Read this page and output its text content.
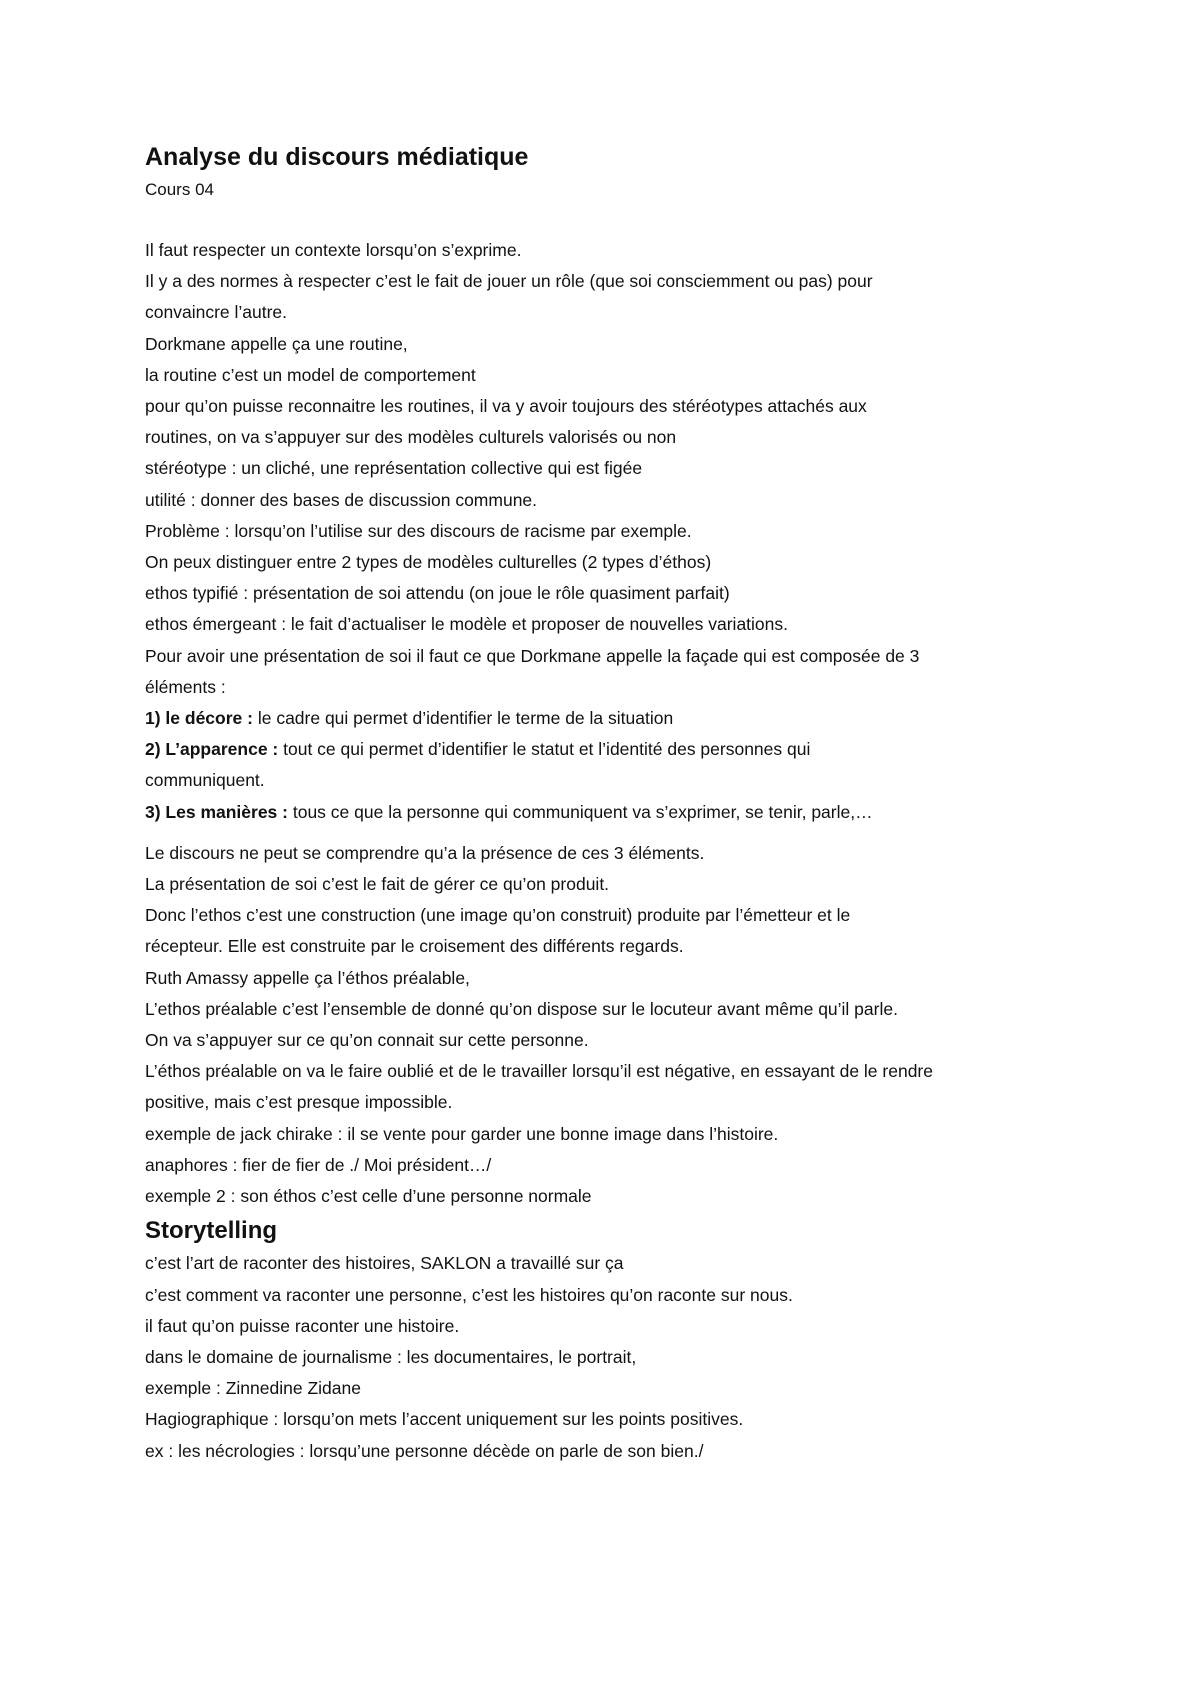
Analyse du discours médiatique

Cours 04

Il faut respecter un contexte lorsqu’on s’exprime.

Il y a des normes à respecter c’est le fait de jouer un rôle (que soi consciemment ou pas) pour

convaincre l’autre.

Dorkmane appelle ça une routine,

la routine c’est un model de comportement

pour qu’on puisse reconnaitre les routines, il va y avoir toujours des stéréotypes attachés aux

routines, on va s’appuyer sur des modèles culturels valorisés ou non

stéréotype : un cliché, une représentation collective qui est figée

utilité : donner des bases de discussion commune.

Problème : lorsqu’on l’utilise sur des discours de racisme par exemple.

On peux distinguer entre 2 types de modèles culturelles (2 types d’éthos)

ethos typifié : présentation de soi attendu (on joue le rôle quasiment parfait)

ethos émergeant : le fait d’actualiser le modèle et proposer de nouvelles variations.

Pour avoir une présentation de soi il faut ce que Dorkmane appelle la façade qui est composée de 3

éléments :

1) le décore : le cadre qui permet d’identifier le terme de la situation

2) L’apparence : tout ce qui permet d’identifier le statut et l’identité des personnes qui

communiquent.

3) Les manières : tous ce que la personne qui communiquent va s’exprimer, se tenir, parle,…

Le discours ne peut se comprendre qu’a la présence de ces 3 éléments.

La présentation de soi c’est le fait de gérer ce qu’on produit.

Donc l’ethos c’est une construction (une image qu’on construit) produite par l’émetteur et le

récepteur. Elle est construite par le croisement des différents regards.

Ruth Amassy appelle ça l’éthos préalable,

L’ethos préalable c’est l’ensemble de donné qu’on dispose sur le locuteur avant même qu’il parle.

On va s’appuyer sur ce qu’on connait sur cette personne.

L’éthos préalable on va le faire oublié et de le travailler lorsqu’il est négative, en essayant de le rendre

positive, mais c’est presque impossible.

exemple de jack chirake : il se vente pour garder une bonne image dans l’histoire.

anaphores : fier de fier de ./ Moi président…/

exemple 2 : son éthos c’est celle d’une personne normale

Storytelling

c’est l’art de raconter des histoires, SAKLON a travaillé sur ça

c’est comment va raconter une personne, c’est les histoires qu’on raconte sur nous.

il faut qu’on puisse raconter une histoire.

dans le domaine de journalisme : les documentaires, le portrait,

exemple : Zinnedine Zidane

Hagiographique : lorsqu’on mets l’accent uniquement sur les points positives.

ex : les nécrologies : lorsqu’une personne décède on parle de son bien./
